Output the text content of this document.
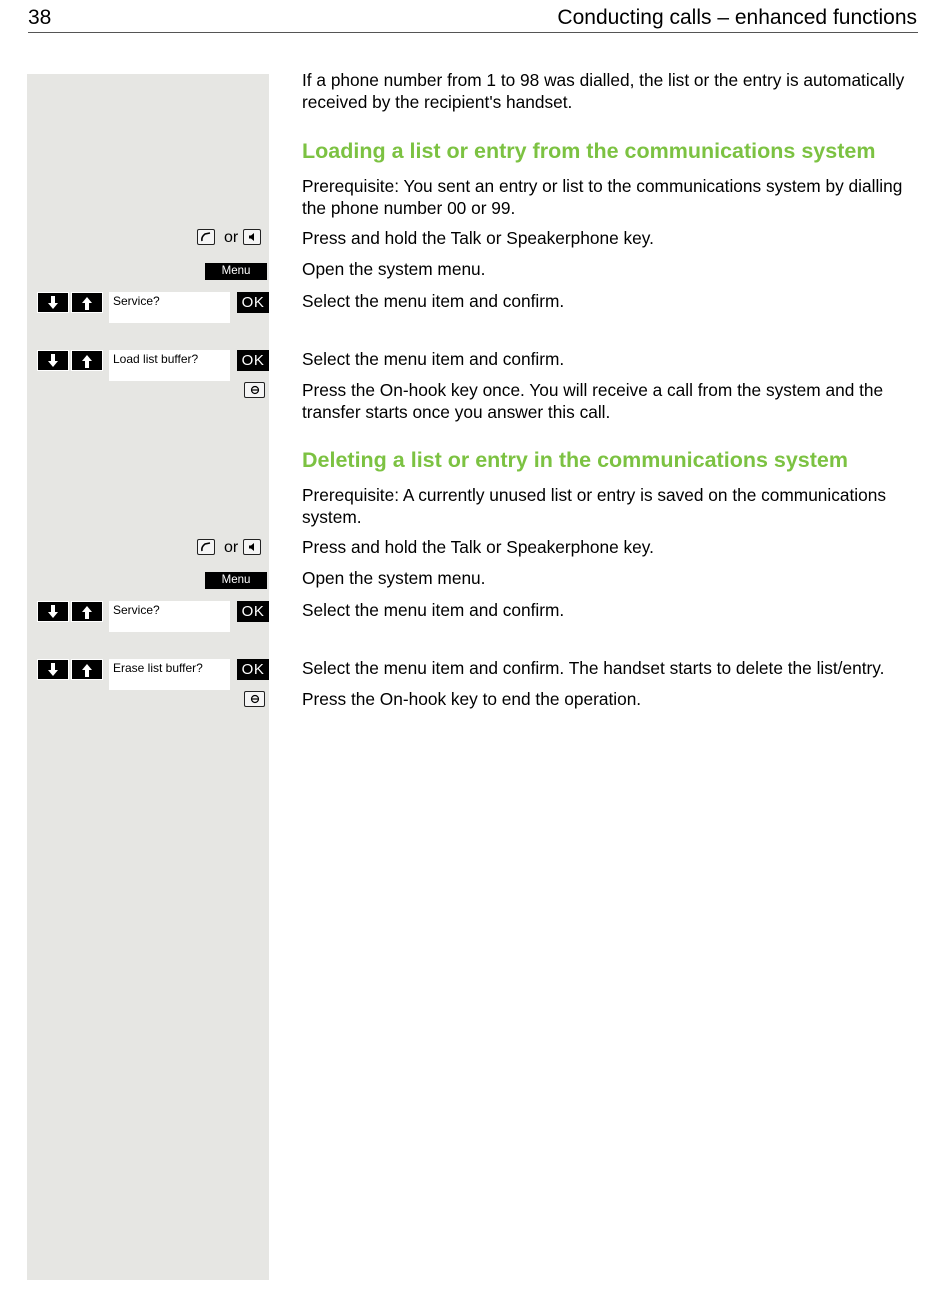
38	Conducting calls – enhanced functions
If a phone number from 1 to 98 was dialled, the list or the entry is automatically received by the recipient's handset.
Loading a list or entry from the communications system
Prerequisite: You sent an entry or list to the communications system by dialling the phone number 00 or 99.
or	Press and hold the Talk or Speakerphone key.
Menu	Open the system menu.
Service?	OK Select the menu item and confirm.
Load list buffer?	OK Select the menu item and confirm.
Press the On-hook key once. You will receive a call from the system and the transfer starts once you answer this call.
Deleting a list or entry in the communications system
Prerequisite: A currently unused list or entry is saved on the communications system.
or	Press and hold the Talk or Speakerphone key.
Menu	Open the system menu.
Service?	OK Select the menu item and confirm.
Erase list buffer?	OK Select the menu item and confirm. The handset starts to delete the list/entry.
Press the On-hook key to end the operation.
